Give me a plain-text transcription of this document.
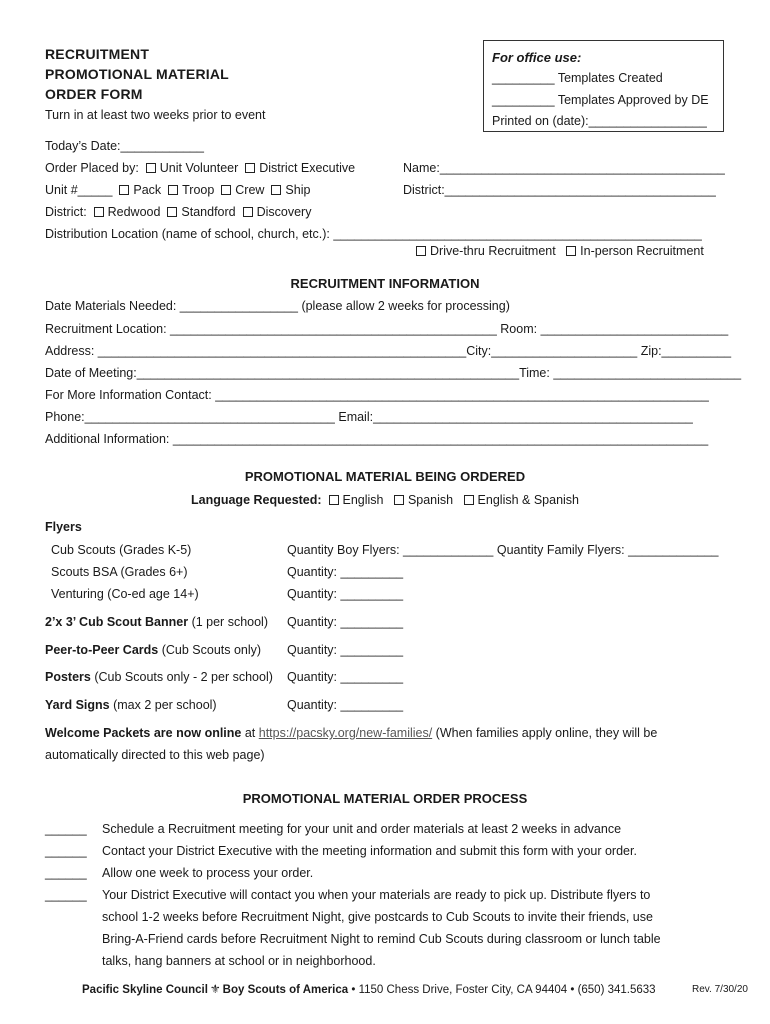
RECRUITMENT
PROMOTIONAL MATERIAL
ORDER FORM
Turn in at least two weeks prior to event
For office use:
_________ Templates Created
_________ Templates Approved by DE
Printed on (date):_________________
Today’s Date:____________
Order Placed by: Unit Volunteer District Executive	Name:_________________________________________
Unit #_____ Pack Troop Crew Ship	District:_______________________________________
District: Redwood Standford Discovery
Distribution Location (name of school, church, etc.): _____________________________________________________
Drive-thru Recruitment In-person Recruitment
RECRUITMENT INFORMATION
Date Materials Needed: _________________ (please allow 2 weeks for processing)
Recruitment Location: _______________________________________________ Room: ___________________________
Address: _____________________________________________________City:_____________________ Zip:__________
Date of Meeting:_______________________________________________________Time: ___________________________
For More Information Contact: _______________________________________________________________________
Phone:____________________________________ Email:______________________________________________
Additional Information: _____________________________________________________________________________
PROMOTIONAL MATERIAL BEING ORDERED
Language Requested: English Spanish English & Spanish
Flyers
Cub Scouts (Grades K-5)	Quantity Boy Flyers: _____________ Quantity Family Flyers: _____________
Scouts BSA (Grades 6+)	Quantity: _________
Venturing (Co-ed age 14+)	Quantity: _________
2’x 3’ Cub Scout Banner (1 per school) Quantity: _________
Peer-to-Peer Cards (Cub Scouts only) Quantity: _________
Posters (Cub Scouts only - 2 per school) Quantity: _________
Yard Signs (max 2 per school)	Quantity: _________
Welcome Packets are now online at https://pacsky.org/new-families/ (When families apply online, they will be
automatically directed to this web page)
PROMOTIONAL MATERIAL ORDER PROCESS
______ Schedule a Recruitment meeting for your unit and order materials at least 2 weeks in advance
______ Contact your District Executive with the meeting information and submit this form with your order.
______ Allow one week to process your order.
______ Your District Executive will contact you when your materials are ready to pick up. Distribute flyers to
school 1-2 weeks before Recruitment Night, give postcards to Cub Scouts to invite their friends, use
Bring-A-Friend cards before Recruitment Night to remind Cub Scouts during classroom or lunch table
talks, hang banners at school or in neighborhood.
Pacific Skyline Council ⚜ Boy Scouts of America • 1150 Chess Drive, Foster City, CA 94404 • (650) 341.5633	Rev. 7/30/20
